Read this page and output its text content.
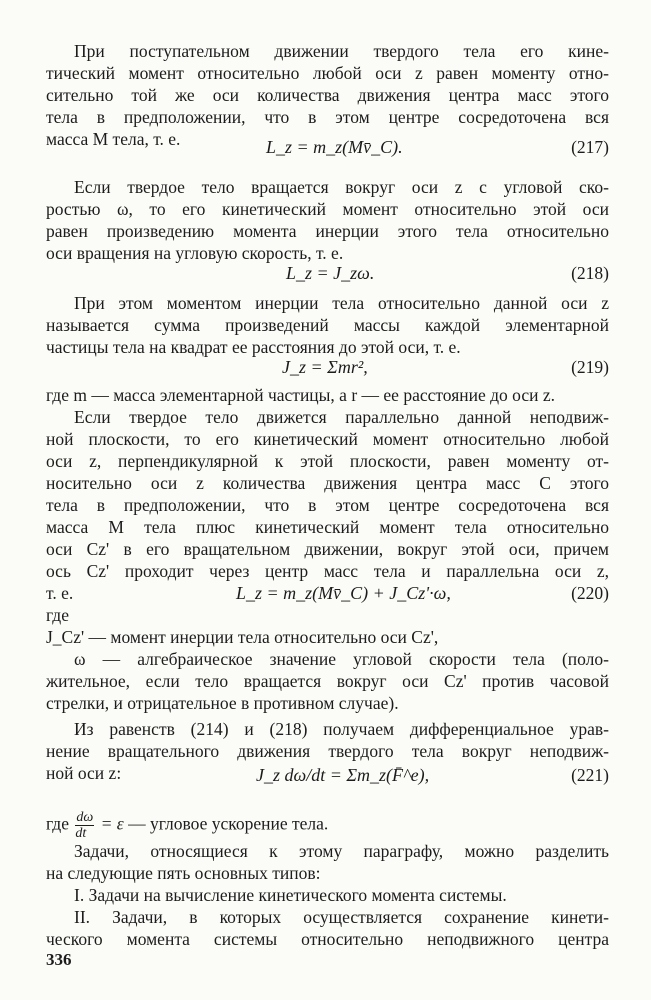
При поступательном движении твердого тела его кине-
тический момент относительно любой оси z равен моменту отно-
сительно той же оси количества движения центра масс этого
тела в предположении, что в этом центре сосредоточена вся
масса M тела, т. е.	L_z = m_z(Mv̄_C).	(217)
Если твердое тело вращается вокруг оси z с угловой ско-
ростью ω, то его кинетический момент относительно этой оси
равен произведению момента инерции этого тела относительно
оси вращения на угловую скорость, т. е.
L_z = J_zω.	(218)
При этом моментом инерции тела относительно данной оси z
называется сумма произведений массы каждой элементарной
частицы тела на квадрат ее расстояния до этой оси, т. е.
J_z = Σmr²,	(219)
где m — масса элементарной частицы, а r — ее расстояние до оси z.
Если твердое тело движется параллельно данной неподвиж-
ной плоскости, то его кинетический момент относительно любой
оси z, перпендикулярной к этой плоскости, равен моменту от-
носительно оси z количества движения центра масс C этого
тела в предположении, что в этом центре сосредоточена вся
масса M тела плюс кинетический момент тела относительно
оси Cz' в его вращательном движении, вокруг этой оси, причем
ось Cz' проходит через центр масс тела и параллельна оси z,
т. е.	L_z = m_z(Mv̄_C) + J_Cz'·ω,	(220)
где
J_Cz' — момент инерции тела относительно оси Cz',
ω — алгебраическое значение угловой скорости тела (поло-
жительное, если тело вращается вокруг оси Cz' против часовой
стрелки, и отрицательное в противном случае).
Из равенств (214) и (218) получаем дифференциальное урав-
нение вращательного движения твердого тела вокруг неподвиж-
ной оси z:	J_z dω/dt = Σm_z(F̄^e),	(221)
где $\frac{d\omega}{dt} = \varepsilon$ — угловое ускорение тела.
Задачи, относящиеся к этому параграфу, можно разделить
на следующие пять основных типов:
I. Задачи на вычисление кинетического момента системы.
II. Задачи, в которых осуществляется сохранение кинети-
ческого момента системы относительно неподвижного центра
336
